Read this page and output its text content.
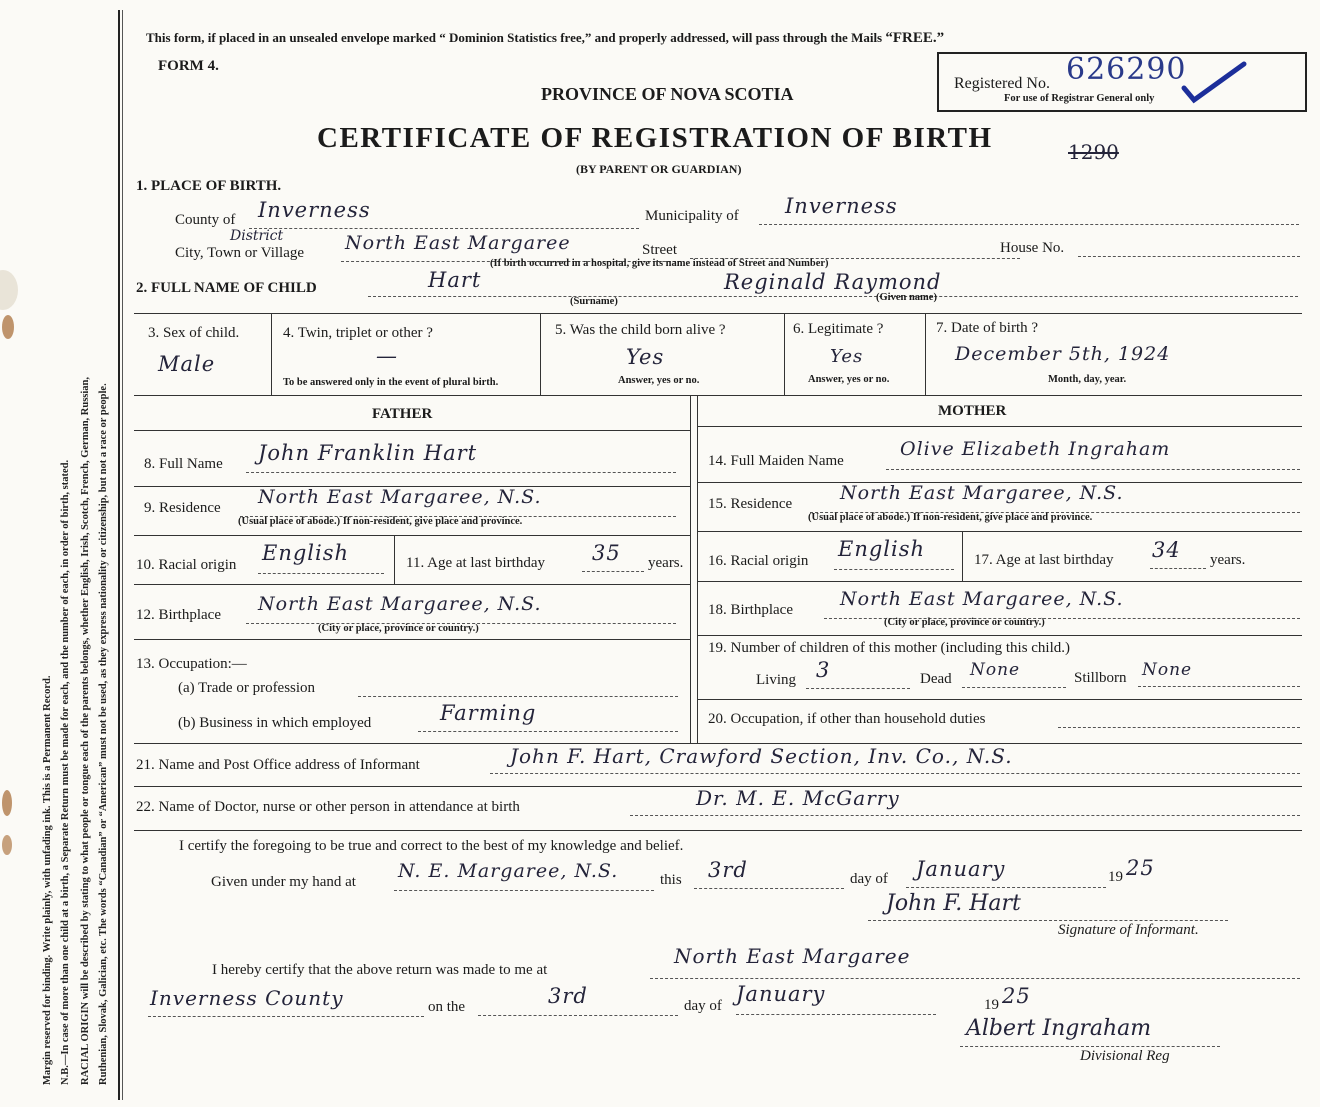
Margin reserved for binding. Write plainly, with unfading ink. This is a Permanent Record. N.B.—In case of more than one child at a birth, a Separate Return must be made for each, and the number of each, in order of birth, stated. RACIAL ORIGIN will be described by stating to what people or tongue each of the parents belongs, whether English, Irish, Scotch, French, German, Russian, Ruthenian, Slovak, Galician, etc. The words “Canadian” or “American” must not be used, as they express nationality or citizenship, but not a race or people.
This form, if placed in an unsealed envelope marked “ Dominion Statistics free,” and properly addressed, will pass through the Mails “FREE.”
FORM 4.
PROVINCE OF NOVA SCOTIA
CERTIFICATE OF REGISTRATION OF BIRTH
(BY PARENT OR GUARDIAN)
1290
Registered No. 626290
For use of Registrar General only
1. PLACE OF BIRTH.
County of Inverness	Municipality of Inverness
City, Town or Village
District	North East Margaree	Street	House No.
(If birth occurred in a hospital, give its name instead of Street and Number)
2. FULL NAME OF CHILD	Hart
(Surname)
Reginald Raymond
(Given name)
3. Sex of child.
Male
4. Twin, triplet or other ?
—
To be answered only in the event of plural birth.
5. Was the child born alive ?
Yes
Answer, yes or no.
6. Legitimate ?
Yes
Answer, yes or no.
7. Date of birth ?
December 5th, 1924
Month, day, year.
FATHER	MOTHER
8. Full Name John Franklin Hart
9. Residence North East Margaree, N.S.
(Usual place of abode.) If non-resident, give place and province.
10. Racial origin English	11. Age at last birthday 35 years.
12. Birthplace North East Margaree, N.S.
(City or place, province or country.)
13. Occupation:—
(a) Trade or profession
(b) Business in which employed	Farming
14. Full Maiden Name
Olive Elizabeth Ingraham
15. Residence	North East Margaree, N.S.
(Usual place of abode.) If non-resident, give place and province.
16. Racial origin English	17. Age at last birthday 34 years.
18. Birthplace North East Margaree, N.S.
(City or place, province or country.)
19. Number of children of this mother (including this child.)
Living 3	Dead None	Stillborn None
20. Occupation, if other than household duties
21. Name and Post Office address of Informant	John F. Hart, Crawford Section, Inv. Co., N.S.
22. Name of Doctor, nurse or other person in attendance at birth	Dr. M. E. McGarry
I certify the foregoing to be true and correct to the best of my knowledge and belief.
Given under my hand at N. E. Margaree, N.S.	this 3rd	day of January	19 25
John F. Hart
Signature of Informant.
I hereby certify that the above return was made to me at
North East Margaree
Inverness County	on the	3rd	day of January	19 25
Albert Ingraham
Divisional Reg
